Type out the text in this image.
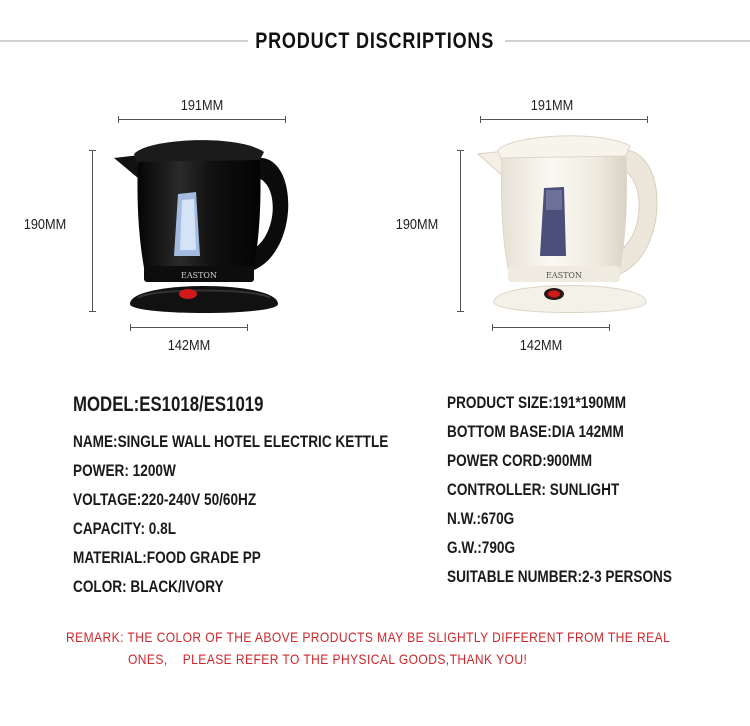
PRODUCT DISCRIPTIONS
191MM
190MM
142MM
EASTON
191MM
190MM
142MM
EASTON
MODEL:ES1018/ES1019
NAME:SINGLE WALL HOTEL ELECTRIC KETTLE
POWER: 1200W
VOLTAGE:220-240V 50/60HZ
CAPACITY: 0.8L
MATERIAL:FOOD GRADE PP
COLOR: BLACK/IVORY
PRODUCT SIZE:191*190MM
BOTTOM BASE:DIA 142MM
POWER CORD:900MM
CONTROLLER: SUNLIGHT
N.W.:670G
G.W.:790G
SUITABLE NUMBER:2-3 PERSONS
REMARK: THE COLOR OF THE ABOVE PRODUCTS MAY BE SLIGHTLY DIFFERENT FROM THE REAL
ONES,    PLEASE REFER TO THE PHYSICAL GOODS,THANK YOU!
